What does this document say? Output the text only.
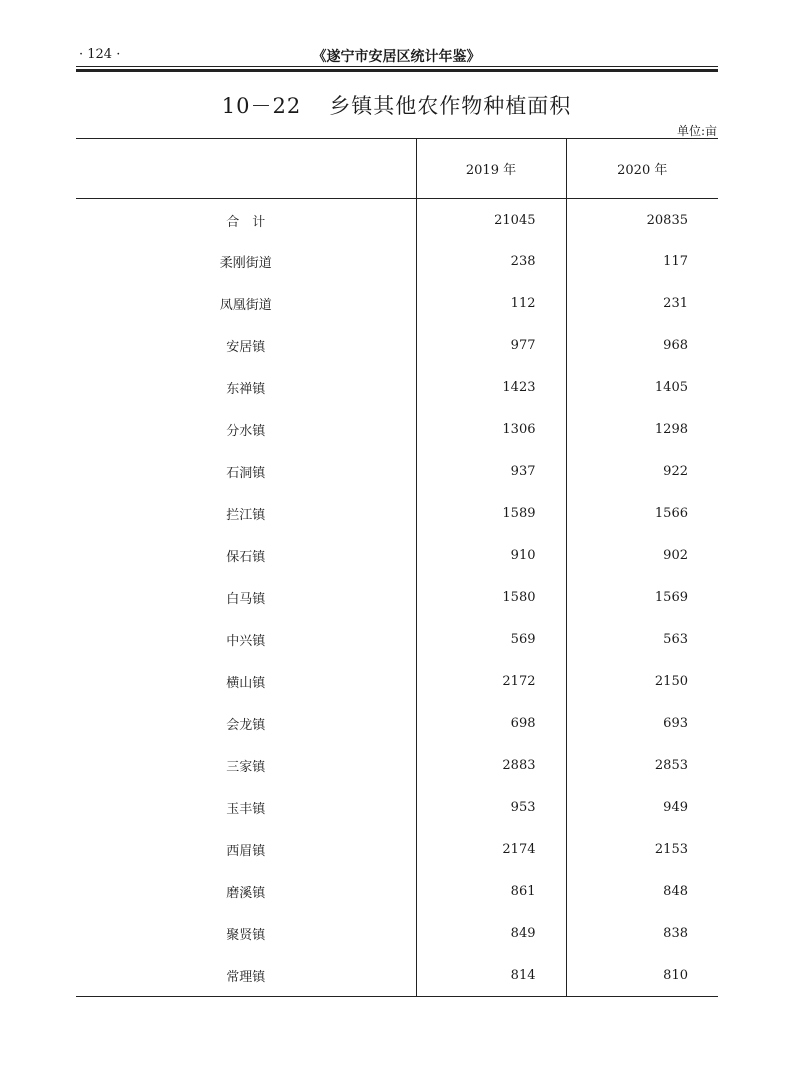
· 124 ·	《遂宁市安居区统计年鉴》
10－22 乡镇其他农作物种植面积
单位:亩
	2019 年	2020 年
合　计	21045	20835
柔刚街道	238	117
凤凰街道	112	231
安居镇	977	968
东禅镇	1423	1405
分水镇	1306	1298
石洞镇	937	922
拦江镇	1589	1566
保石镇	910	902
白马镇	1580	1569
中兴镇	569	563
横山镇	2172	2150
会龙镇	698	693
三家镇	2883	2853
玉丰镇	953	949
西眉镇	2174	2153
磨溪镇	861	848
聚贤镇	849	838
常理镇	814	810
